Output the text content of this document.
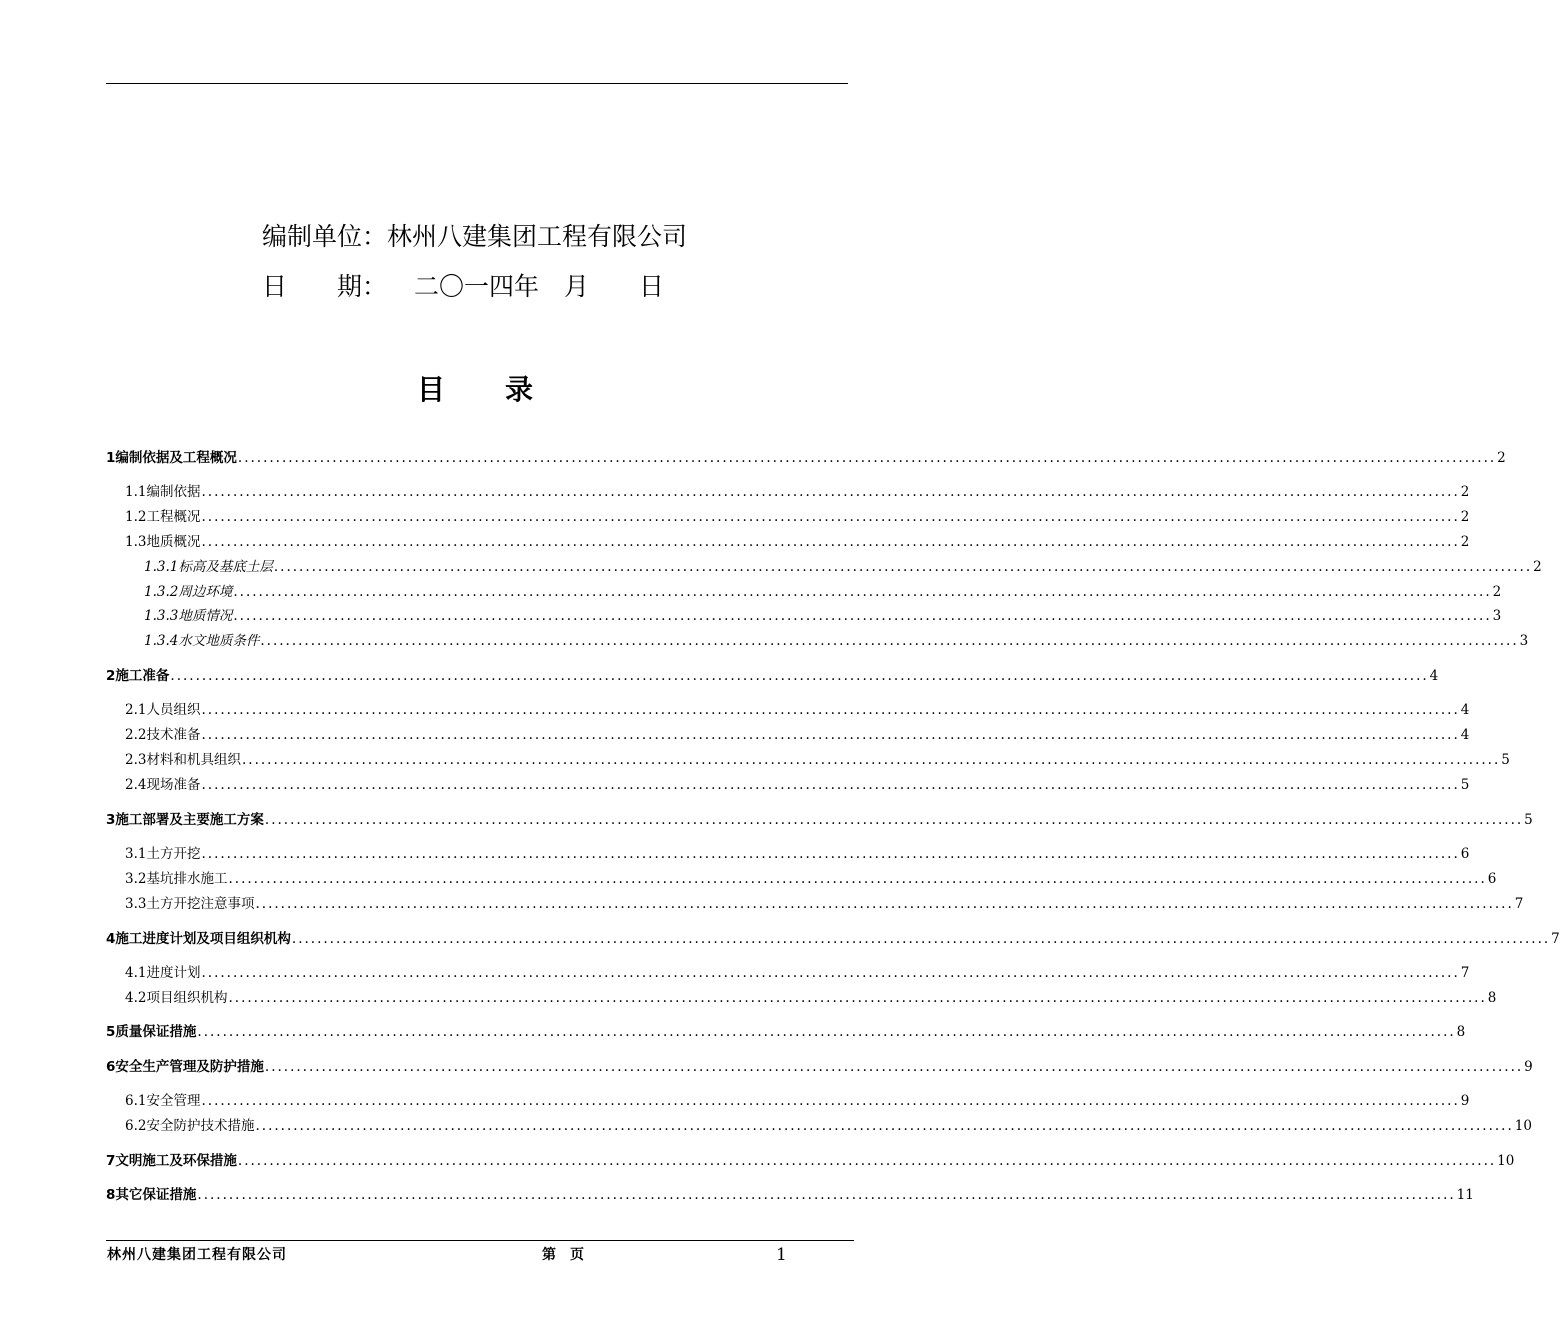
编制单位：林州八建集团工程有限公司
日　　期： 二〇一四年　月　　日
目 录
1编制依据及工程概况 ........................................................................................................................................................................................................ 2
1.1编制依据 ........................................................................................................................................................................................................ 2
1.2工程概况 ........................................................................................................................................................................................................ 2
1.3地质概况 ........................................................................................................................................................................................................ 2
1.3.1标高及基底土层 ........................................................................................................................................................................................................ 2
1.3.2周边环境 ........................................................................................................................................................................................................ 2
1.3.3地质情况 ........................................................................................................................................................................................................ 3
1.3.4水文地质条件 ........................................................................................................................................................................................................ 3
2施工准备 ........................................................................................................................................................................................................ 4
2.1人员组织 ........................................................................................................................................................................................................ 4
2.2技术准备 ........................................................................................................................................................................................................ 4
2.3材料和机具组织 ........................................................................................................................................................................................................ 5
2.4现场准备 ........................................................................................................................................................................................................ 5
3施工部署及主要施工方案 ........................................................................................................................................................................................................ 5
3.1土方开挖 ........................................................................................................................................................................................................ 6
3.2基坑排水施工 ........................................................................................................................................................................................................ 6
3.3土方开挖注意事项 ........................................................................................................................................................................................................ 7
4施工进度计划及项目组织机构 ........................................................................................................................................................................................................ 7
4.1进度计划 ........................................................................................................................................................................................................ 7
4.2项目组织机构 ........................................................................................................................................................................................................ 8
5质量保证措施 ........................................................................................................................................................................................................ 8
6安全生产管理及防护措施 ........................................................................................................................................................................................................ 9
6.1安全管理 ........................................................................................................................................................................................................ 9
6.2安全防护技术措施 ........................................................................................................................................................................................................ 10
7文明施工及环保措施 ........................................................................................................................................................................................................ 10
8其它保证措施 ........................................................................................................................................................................................................ 11
林州八建集团工程有限公司	第　页	1
